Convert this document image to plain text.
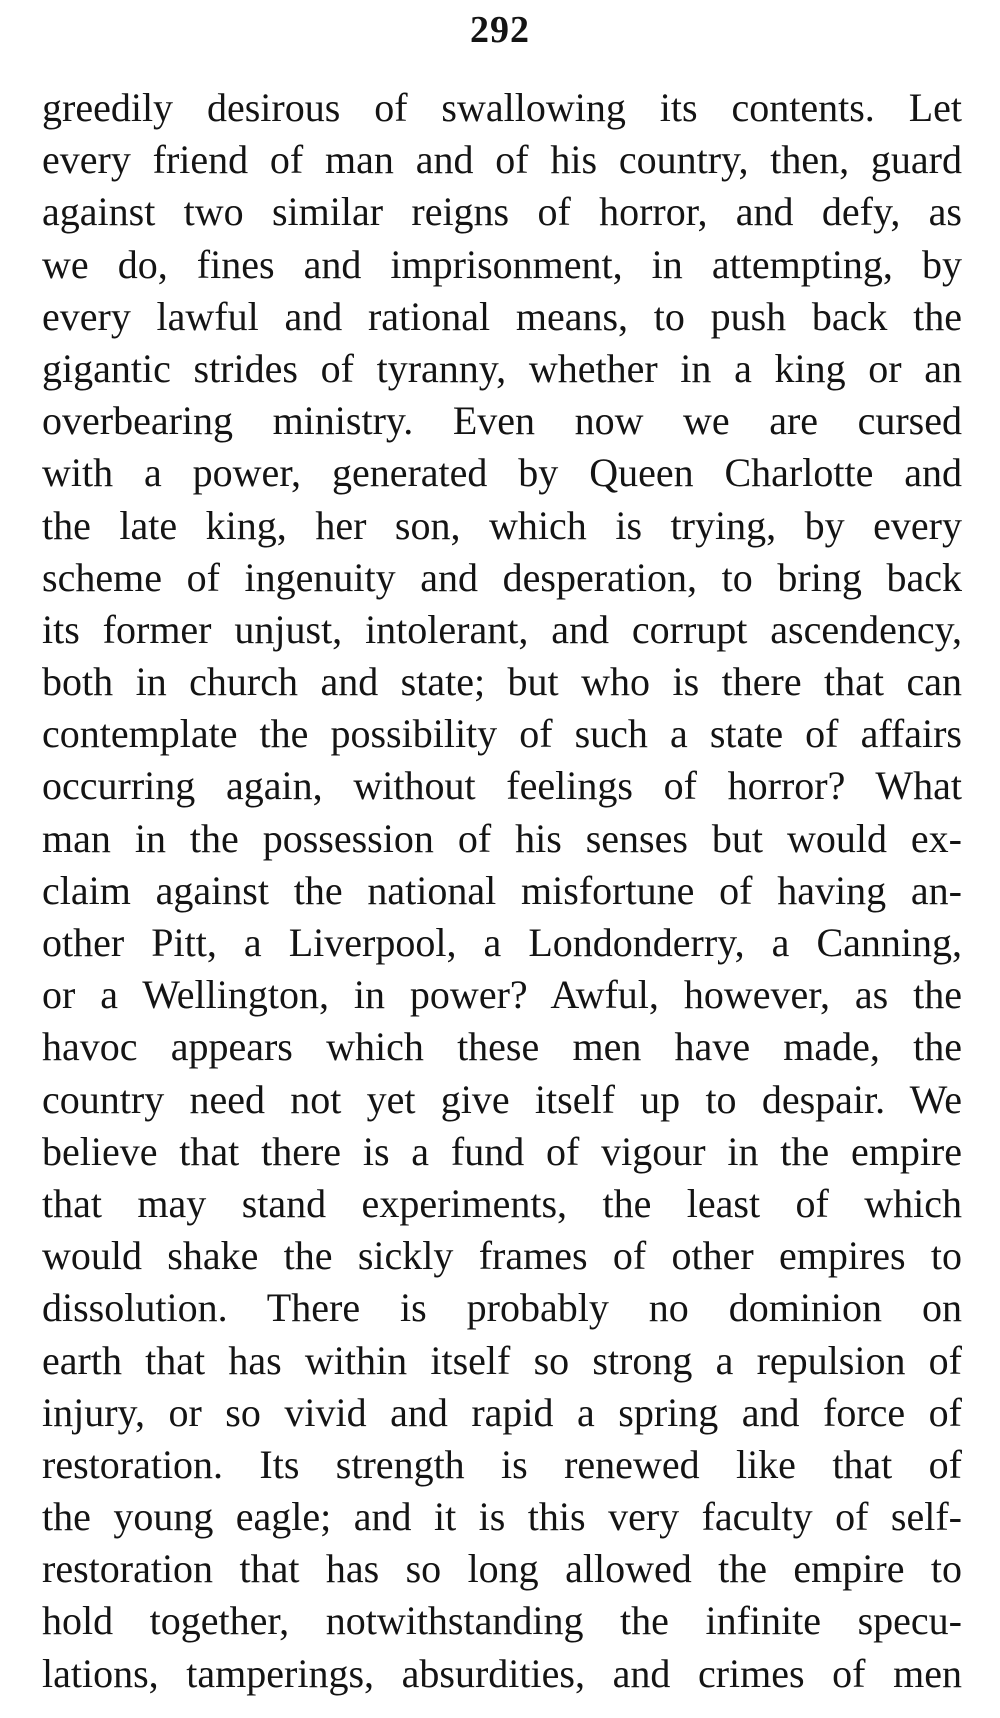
292
greedily desirous of swallowing its contents. Let
every friend of man and of his country, then, guard
against two similar reigns of horror, and defy, as
we do, fines and imprisonment, in attempting, by
every lawful and rational means, to push back the
gigantic strides of tyranny, whether in a king or an
overbearing ministry. Even now we are cursed
with a power, generated by Queen Charlotte and
the late king, her son, which is trying, by every
scheme of ingenuity and desperation, to bring back
its former unjust, intolerant, and corrupt ascendency,
both in church and state; but who is there that can
contemplate the possibility of such a state of affairs
occurring again, without feelings of horror? What
man in the possession of his senses but would ex-
claim against the national misfortune of having an-
other Pitt, a Liverpool, a Londonderry, a Canning,
or a Wellington, in power? Awful, however, as the
havoc appears which these men have made, the
country need not yet give itself up to despair. We
believe that there is a fund of vigour in the empire
that may stand experiments, the least of which
would shake the sickly frames of other empires to
dissolution. There is probably no dominion on
earth that has within itself so strong a repulsion of
injury, or so vivid and rapid a spring and force of
restoration. Its strength is renewed like that of
the young eagle; and it is this very faculty of self-
restoration that has so long allowed the empire to
hold together, notwithstanding the infinite specu-
lations, tamperings, absurdities, and crimes of men
